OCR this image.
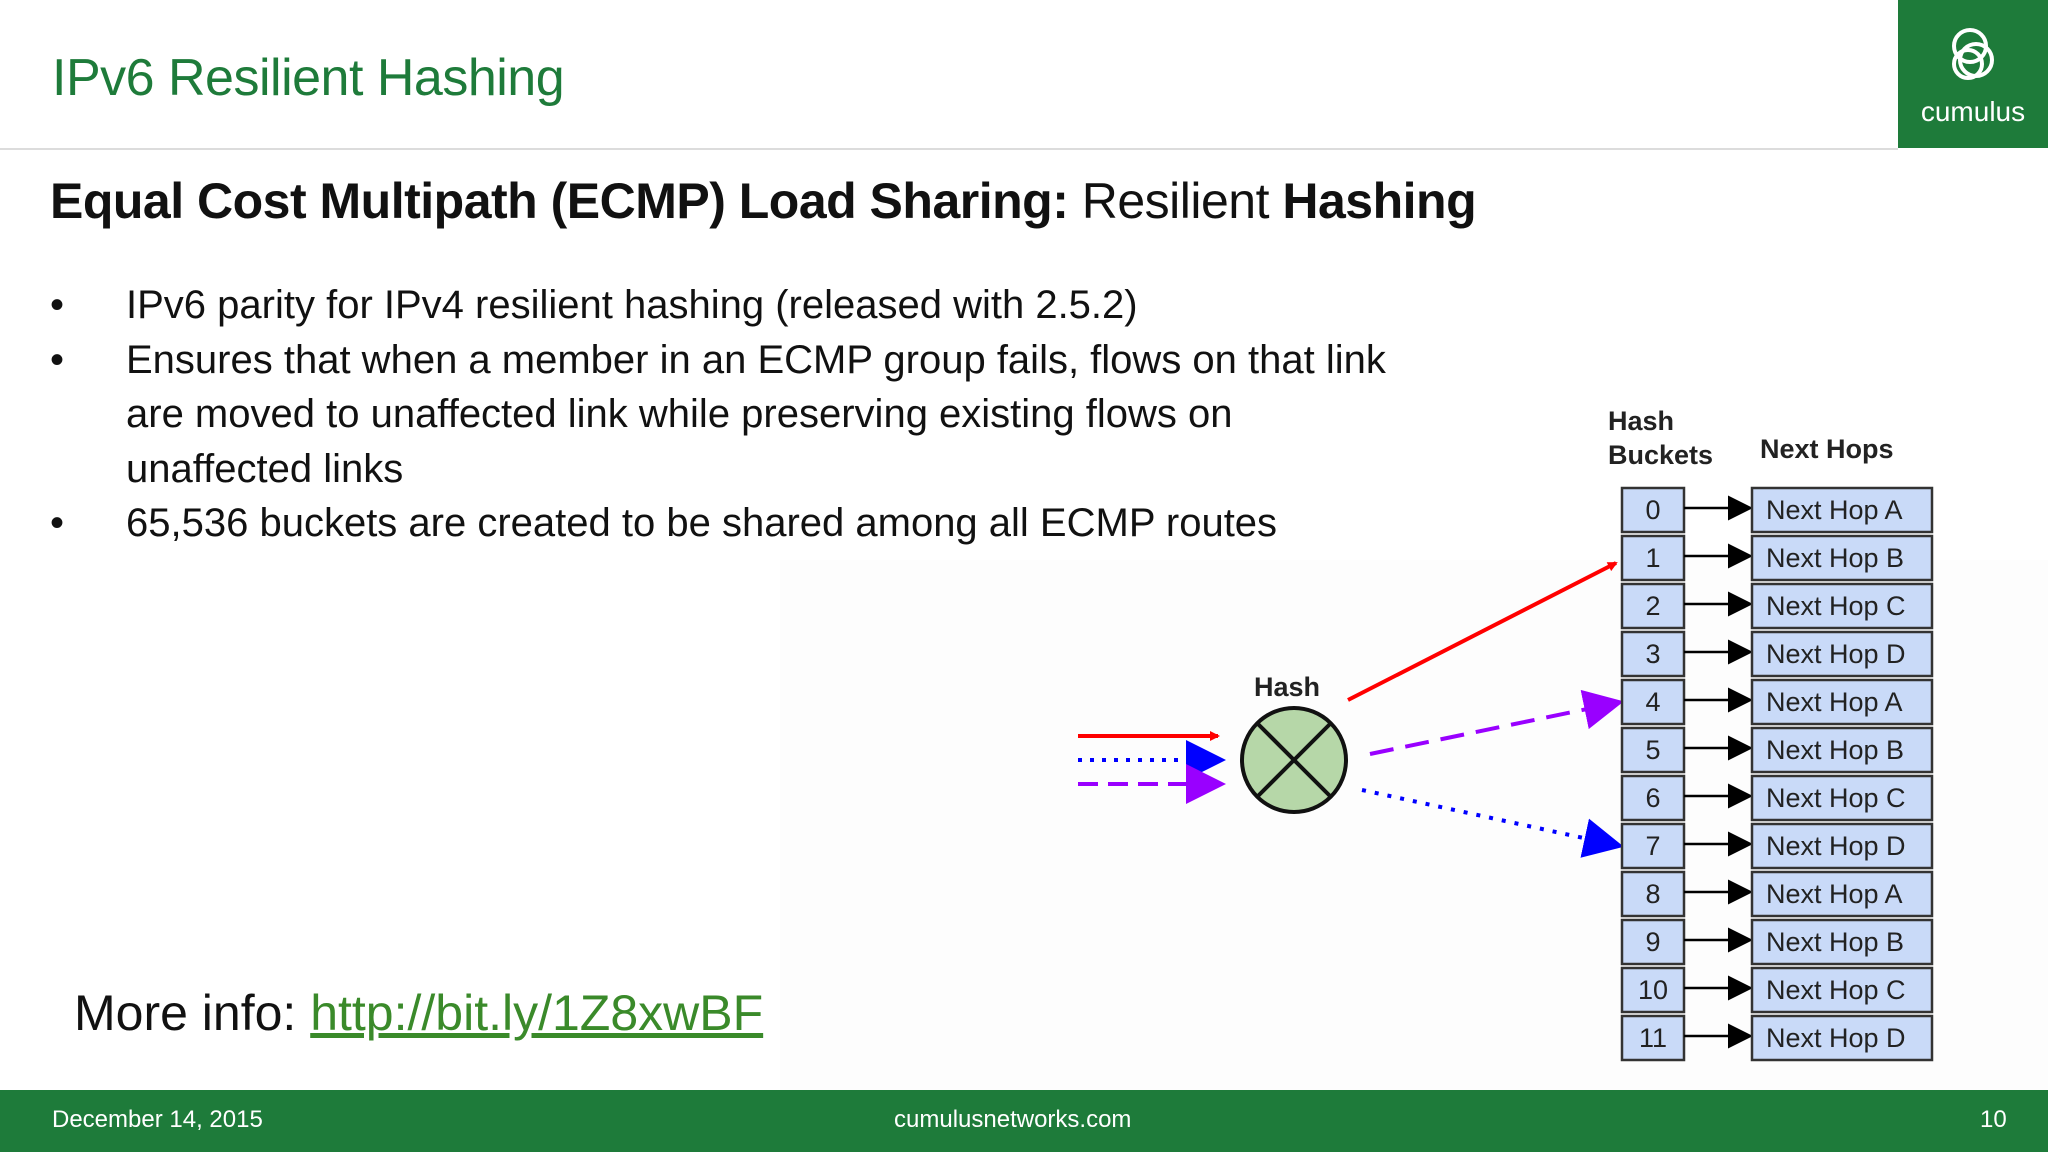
IPv6 Resilient Hashing
cumulus
Equal Cost Multipath (ECMP) Load Sharing: Resilient Hashing
• IPv6 parity for IPv4 resilient hashing (released with 2.5.2)
• Ensures that when a member in an ECMP group fails, flows on that link are moved to unaffected link while preserving existing flows on unaffected links
• 65,536 buckets are created to be shared among all ECMP routes
Hash
Buckets Next Hops
Hash
0	Next Hop A
1	Next Hop B
2	Next Hop C
3	Next Hop D
4	Next Hop A
5	Next Hop B
6	Next Hop C
7	Next Hop D
8	Next Hop A
9	Next Hop B
10	Next Hop C
11	Next Hop D
More info: http://bit.ly/1Z8xwBF
December 14, 2015	cumulusnetworks.com	10
